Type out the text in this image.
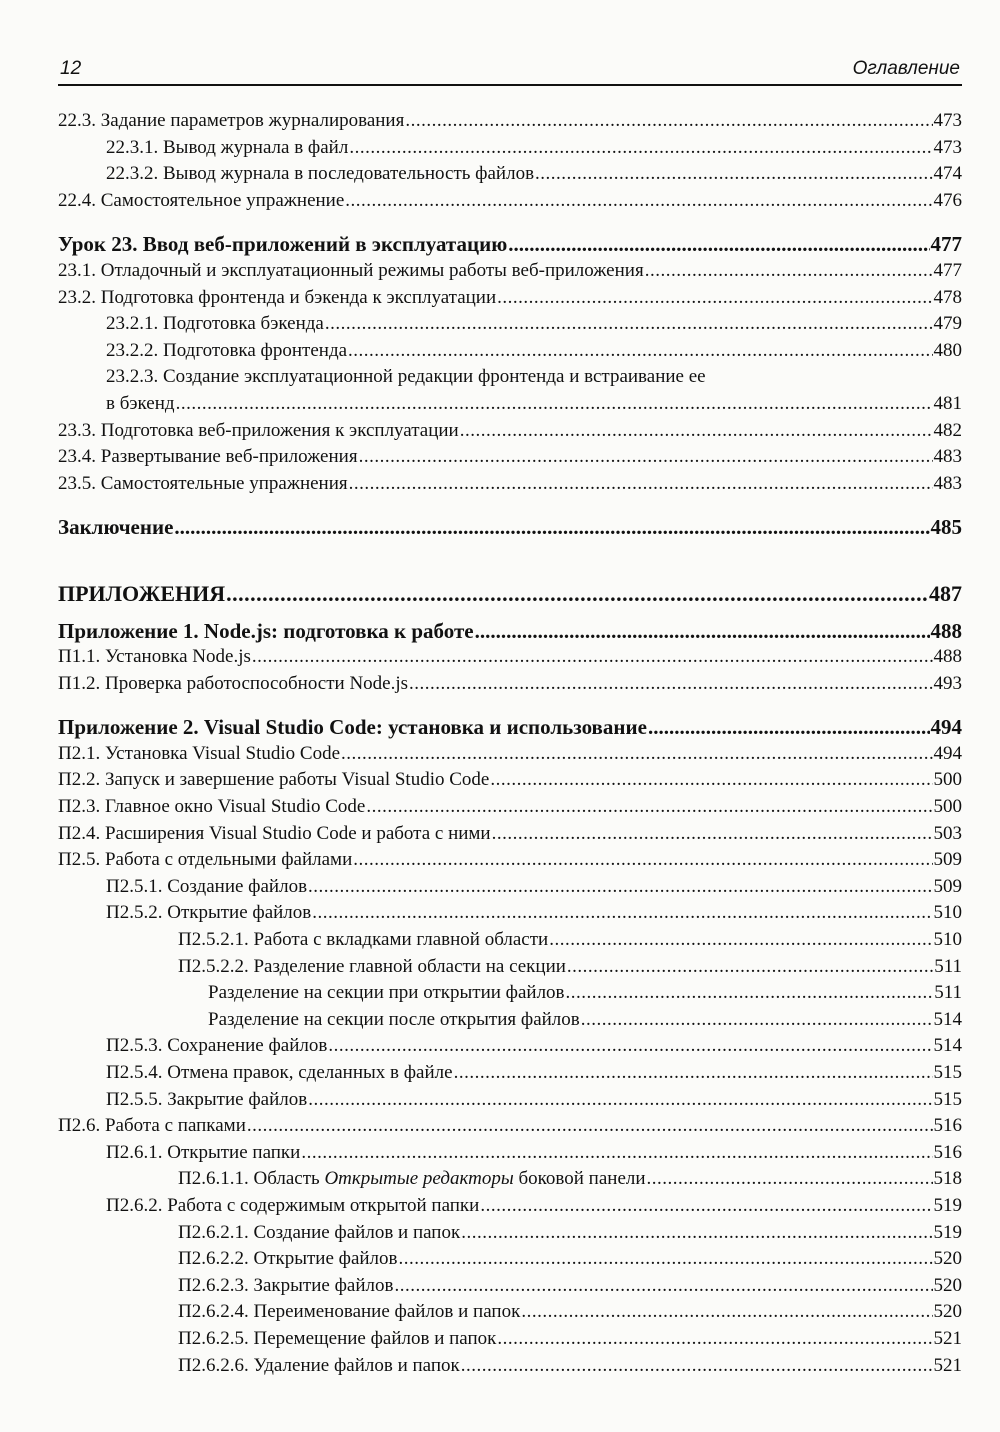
12	Оглавление
22.3. Задание параметров журналирования .....	473
22.3.1. Вывод журнала в файл .....	473
22.3.2. Вывод журнала в последовательность файлов .....	474
22.4. Самостоятельное упражнение .....	476
Урок 23. Ввод веб-приложений в эксплуатацию .....	477
23.1. Отладочный и эксплуатационный режимы работы веб-приложения .....	477
23.2. Подготовка фронтенда и бэкенда к эксплуатации .....	478
23.2.1. Подготовка бэкенда .....	479
23.2.2. Подготовка фронтенда .....	480
23.2.3. Создание эксплуатационной редакции фронтенда и встраивание ее
в бэкенд .....	481
23.3. Подготовка веб-приложения к эксплуатации .....	482
23.4. Развертывание веб-приложения .....	483
23.5. Самостоятельные упражнения .....	483
Заключение .....	485
ПРИЛОЖЕНИЯ .....	487
Приложение 1. Node.js: подготовка к работе .....	488
П1.1. Установка Node.js .....	488
П1.2. Проверка работоспособности Node.js .....	493
Приложение 2. Visual Studio Code: установка и использование .....	494
П2.1. Установка Visual Studio Code .....	494
П2.2. Запуск и завершение работы Visual Studio Code .....	500
П2.3. Главное окно Visual Studio Code .....	500
П2.4. Расширения Visual Studio Code и работа с ними .....	503
П2.5. Работа с отдельными файлами .....	509
П2.5.1. Создание файлов .....	509
П2.5.2. Открытие файлов .....	510
П2.5.2.1. Работа с вкладками главной области .....	510
П2.5.2.2. Разделение главной области на секции .....	511
Разделение на секции при открытии файлов .....	511
Разделение на секции после открытия файлов .....	514
П2.5.3. Сохранение файлов .....	514
П2.5.4. Отмена правок, сделанных в файле .....	515
П2.5.5. Закрытие файлов .....	515
П2.6. Работа с папками .....	516
П2.6.1. Открытие папки .....	516
П2.6.1.1. Область Открытые редакторы боковой панели .....	518
П2.6.2. Работа с содержимым открытой папки .....	519
П2.6.2.1. Создание файлов и папок .....	519
П2.6.2.2. Открытие файлов .....	520
П2.6.2.3. Закрытие файлов .....	520
П2.6.2.4. Переименование файлов и папок .....	520
П2.6.2.5. Перемещение файлов и папок .....	521
П2.6.2.6. Удаление файлов и папок .....	521
